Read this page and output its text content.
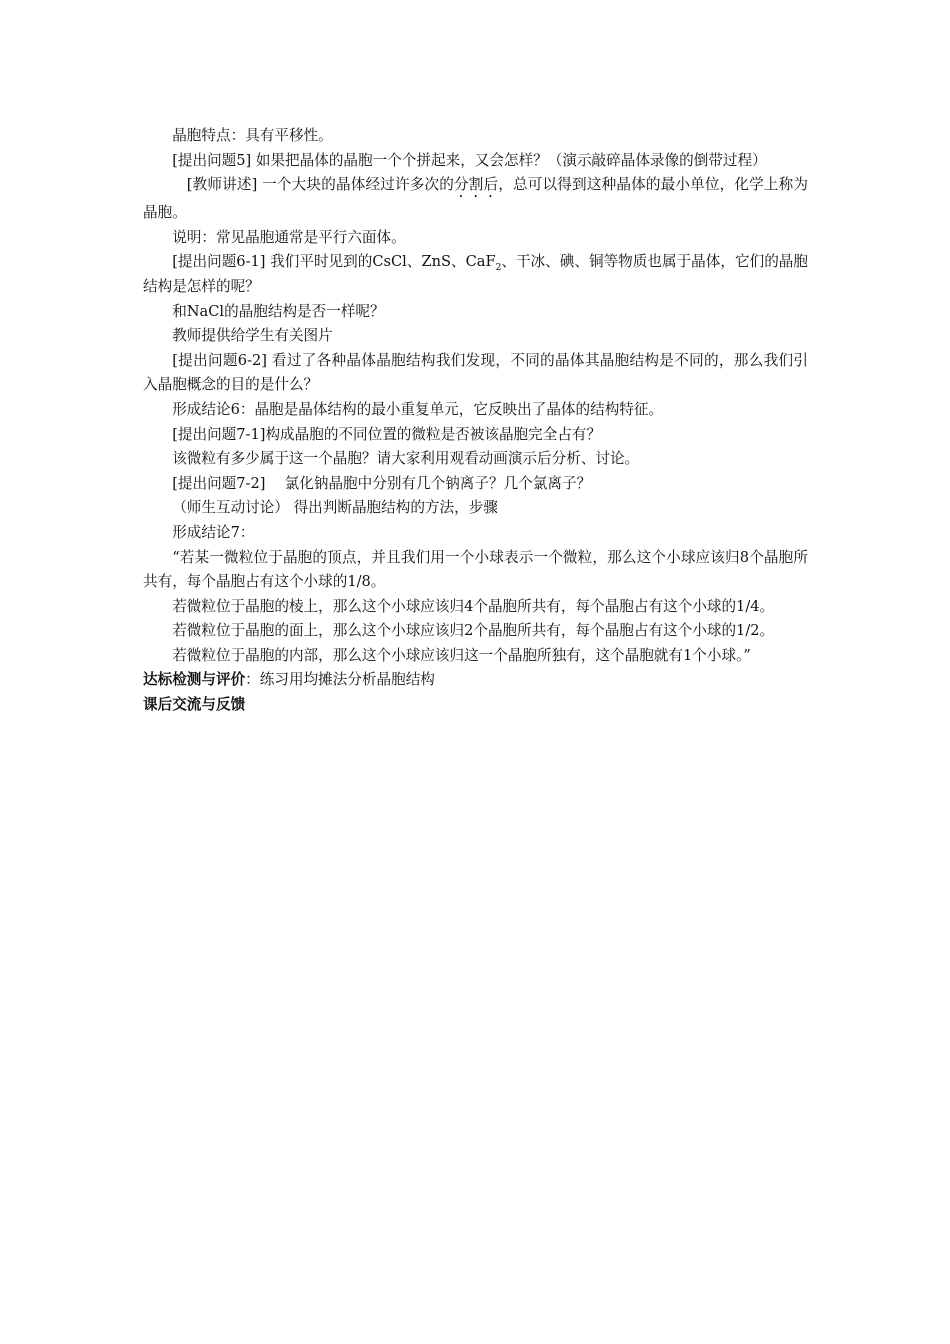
晶胞特点：具有平移性。

[提出问题5] 如果把晶体的晶胞一个个拼起来，又会怎样？（演示敲碎晶体录像的倒带过程）

[教师讲述] 一个大块的晶体经过许多次的分割后，总可以得到这种晶体的最小单位，化学上称为晶胞。

说明：常见晶胞通常是平行六面体。

[提出问题6-1] 我们平时见到的CsCl、ZnS、CaF$_2$、干冰、碘、铜等物质也属于晶体，它们的晶胞结构是怎样的呢？

和NaCl的晶胞结构是否一样呢？

教师提供给学生有关图片

[提出问题6-2] 看过了各种晶体晶胞结构我们发现，不同的晶体其晶胞结构是不同的，那么我们引入晶胞概念的目的是什么？

形成结论6：晶胞是晶体结构的最小重复单元，它反映出了晶体的结构特征。

[提出问题7-1]构成晶胞的不同位置的微粒是否被该晶胞完全占有？

该微粒有多少属于这一个晶胞？请大家利用观看动画演示后分析、讨论。

[提出问题7-2]　 氯化钠晶胞中分别有几个钠离子？几个氯离子？

（师生互动讨论） 得出判断晶胞结构的方法，步骤

形成结论7：

“若某一微粒位于晶胞的顶点，并且我们用一个小球表示一个微粒，那么这个小球应该归8个晶胞所共有，每个晶胞占有这个小球的1/8。

若微粒位于晶胞的棱上，那么这个小球应该归4个晶胞所共有，每个晶胞占有这个小球的1/4。

若微粒位于晶胞的面上，那么这个小球应该归2个晶胞所共有，每个晶胞占有这个小球的1/2。

若微粒位于晶胞的内部，那么这个小球应该归这一个晶胞所独有，这个晶胞就有1个小球。”

达标检测与评价：练习用均摊法分析晶胞结构

课后交流与反馈
